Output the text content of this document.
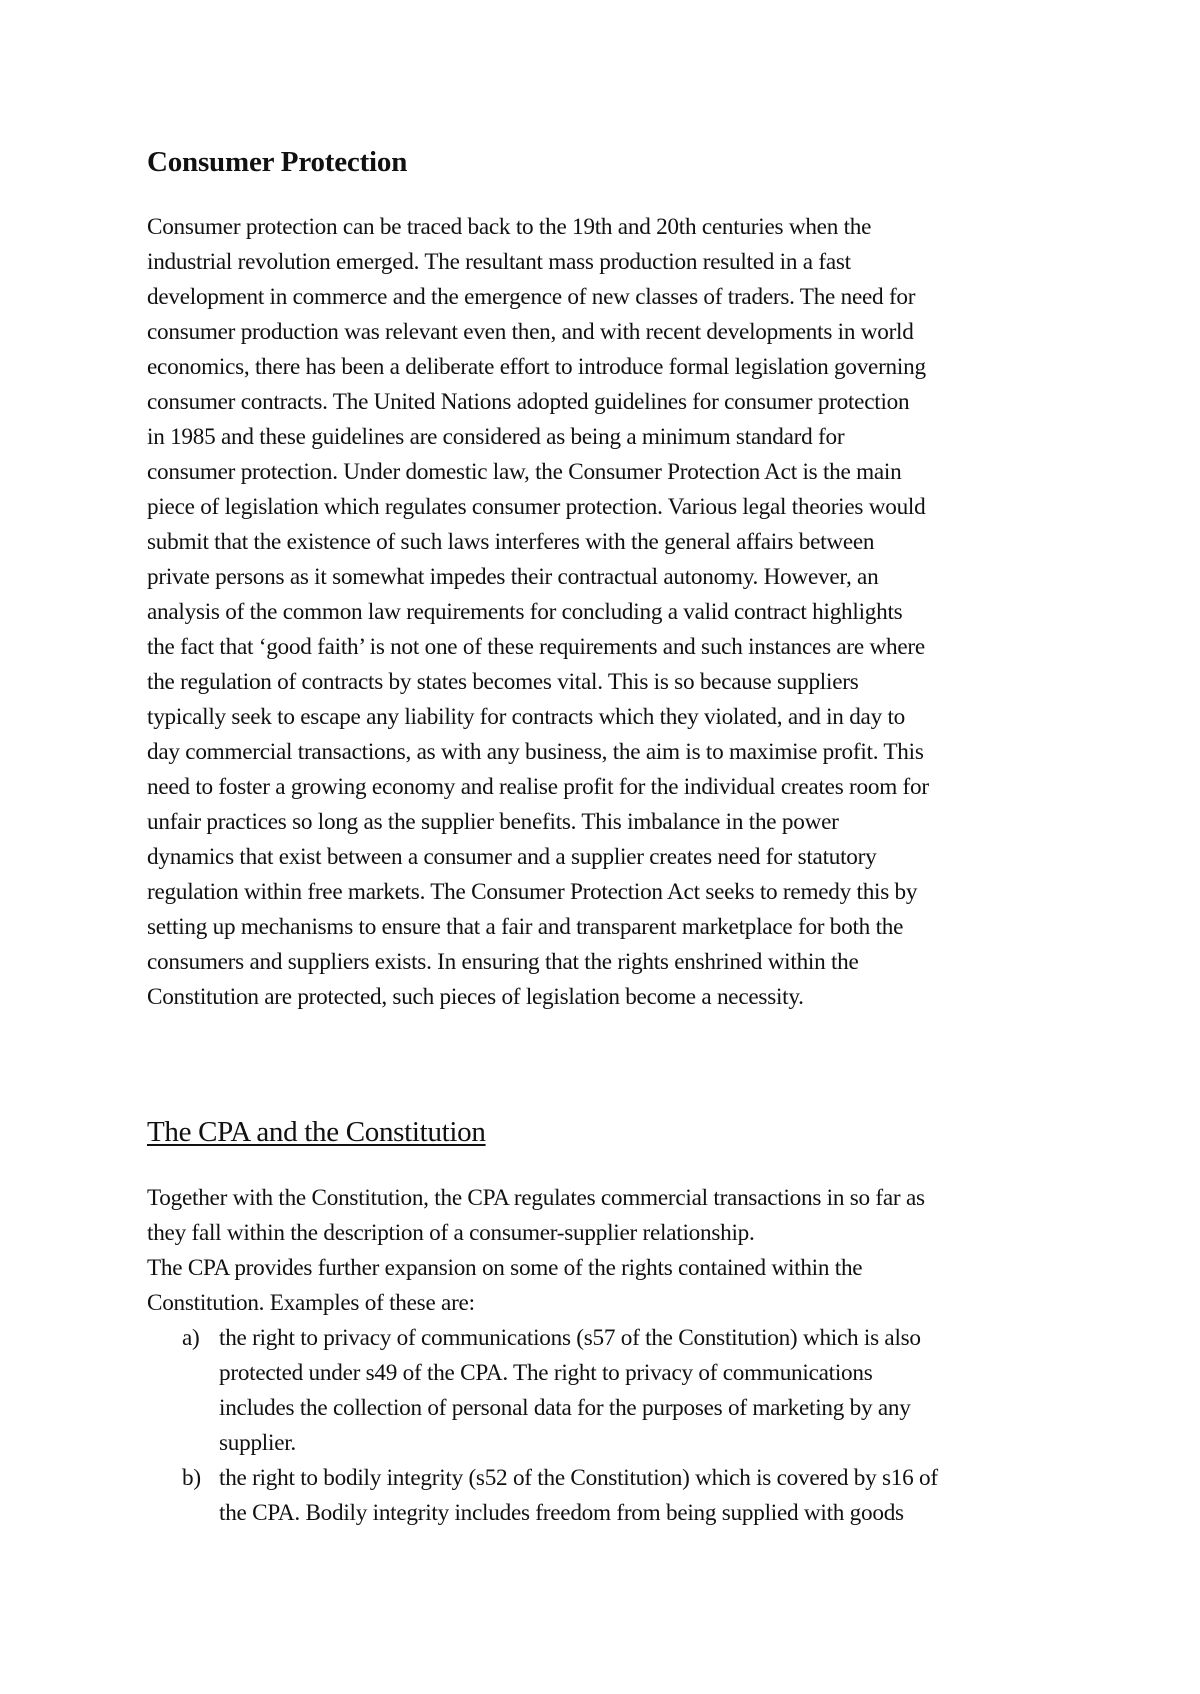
Consumer Protection

Consumer protection can be traced back to the 19th and 20th centuries when the
industrial revolution emerged. The resultant mass production resulted in a fast
development in commerce and the emergence of new classes of traders. The need for
consumer production was relevant even then, and with recent developments in world
economics, there has been a deliberate effort to introduce formal legislation governing
consumer contracts. The United Nations adopted guidelines for consumer protection
in 1985 and these guidelines are considered as being a minimum standard for
consumer protection. Under domestic law, the Consumer Protection Act is the main
piece of legislation which regulates consumer protection. Various legal theories would
submit that the existence of such laws interferes with the general affairs between
private persons as it somewhat impedes their contractual autonomy. However, an
analysis of the common law requirements for concluding a valid contract highlights
the fact that ‘good faith’ is not one of these requirements and such instances are where
the regulation of contracts by states becomes vital. This is so because suppliers
typically seek to escape any liability for contracts which they violated, and in day to
day commercial transactions, as with any business, the aim is to maximise profit. This
need to foster a growing economy and realise profit for the individual creates room for
unfair practices so long as the supplier benefits. This imbalance in the power
dynamics that exist between a consumer and a supplier creates need for statutory
regulation within free markets. The Consumer Protection Act seeks to remedy this by
setting up mechanisms to ensure that a fair and transparent marketplace for both the
consumers and suppliers exists. In ensuring that the rights enshrined within the
Constitution are protected, such pieces of legislation become a necessity.

The CPA and the Constitution

Together with the Constitution, the CPA regulates commercial transactions in so far as
they fall within the description of a consumer-supplier relationship.
The CPA provides further expansion on some of the rights contained within the
Constitution. Examples of these are:

a) the right to privacy of communications (s57 of the Constitution) which is also
protected under s49 of the CPA. The right to privacy of communications
includes the collection of personal data for the purposes of marketing by any
supplier.
b) the right to bodily integrity (s52 of the Constitution) which is covered by s16 of
the CPA. Bodily integrity includes freedom from being supplied with goods
